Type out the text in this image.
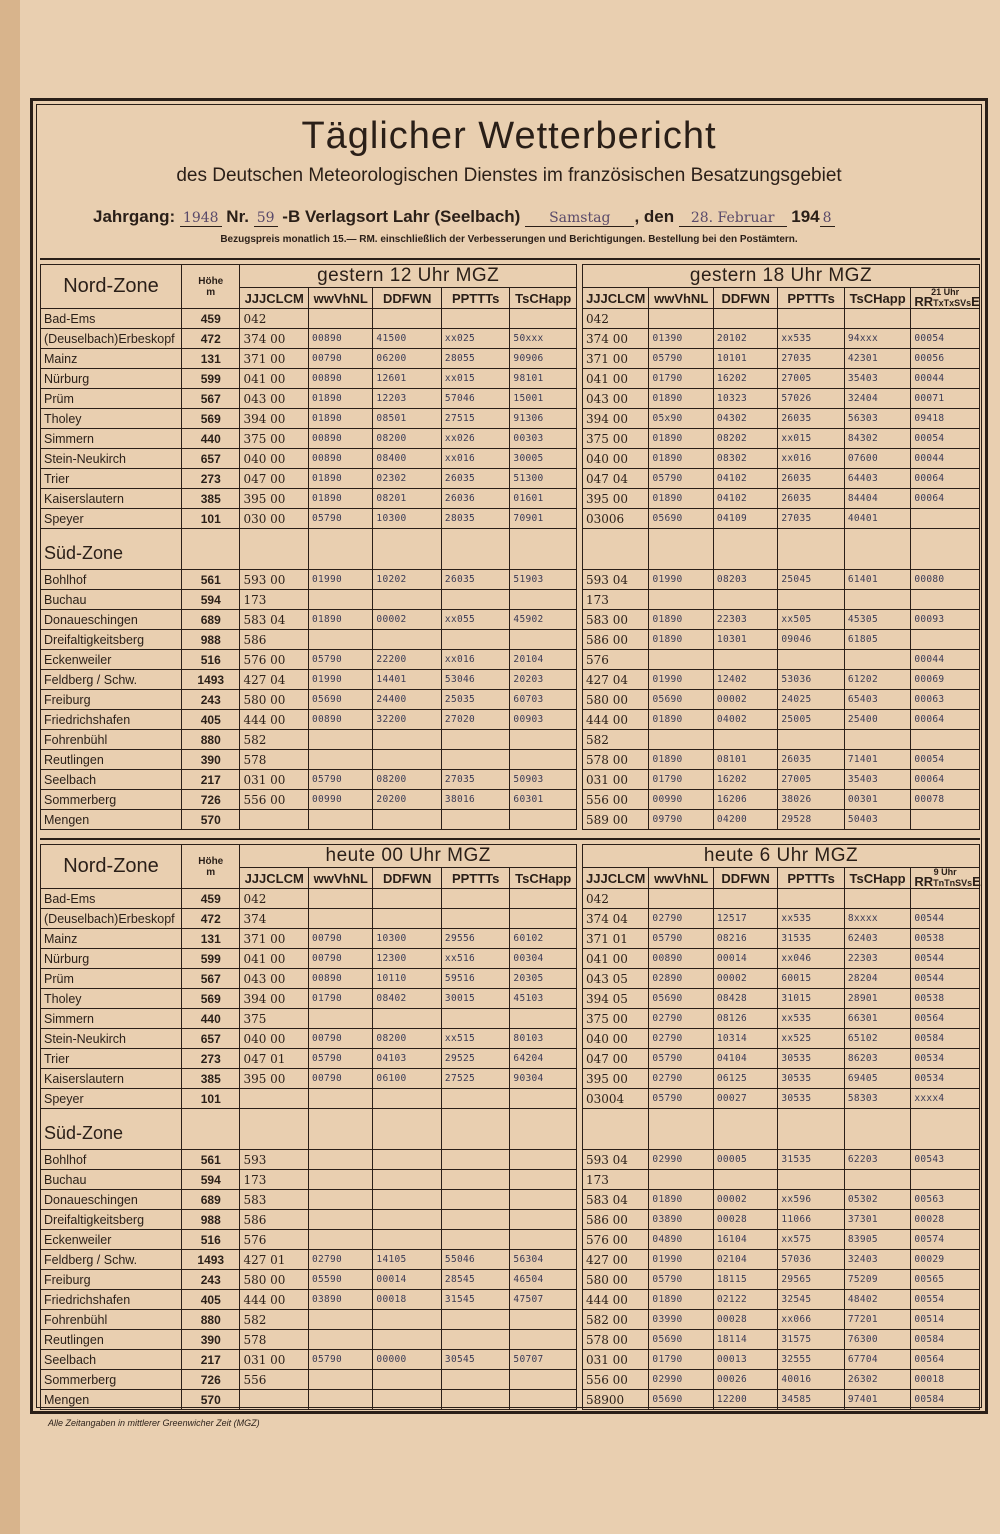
Täglicher Wetterbericht
des Deutschen Meteorologischen Dienstes im französischen Besatzungsgebiet
Jahrgang: 1948 Nr. 59 -B Verlagsort Lahr (Seelbach) Samstag , den 28. Februar 194 8
Bezugspreis monatlich 15.— RM. einschließlich der Verbesserungen und Berichtigungen. Bestellung bei den Postämtern.
Nord-Zone	Höhe
m	gestern 12 Uhr MGZ						gestern 18 Uhr MGZ					
		JJJCLCM	wwVhNL	DDFWN	PPTTTs	TsCHapp		JJJCLCM	wwVhNL	DDFWN	PPTTTs	TsCHapp	21 Uhr
RRTxTxSVsE

Bad-Ems	459	042						042					
(Deuselbach)Erbeskopf	472	374 00	00890	41500	xx025	50xxx		374 00	01390	20102	xx535	94xxx	00054
Mainz	131	371 00	00790	06200	28055	90906		371 00	05790	10101	27035	42301	00056
Nürburg	599	041 00	00890	12601	xx015	98101		041 00	01790	16202	27005	35403	00044
Prüm	567	043 00	01890	12203	57046	15001		043 00	01890	10323	57026	32404	00071
Tholey	569	394 00	01890	08501	27515	91306		394 00	05x90	04302	26035	56303	09418
Simmern	440	375 00	00890	08200	xx026	00303		375 00	01890	08202	xx015	84302	00054
Stein-Neukirch	657	040 00	00890	08400	xx016	30005		040 00	01890	08302	xx016	07600	00044
Trier	273	047 00	01890	02302	26035	51300		047 04	05790	04102	26035	64403	00064
Kaiserslautern	385	395 00	01890	08201	26036	01601		395 00	01890	04102	26035	84404	00064
Speyer	101	030 00	05790	10300	28035	70901		03006	05690	04109	27035	40401	
Süd-Zone													
Bohlhof	561	593 00	01990	10202	26035	51903		593 04	01990	08203	25045	61401	00080
Buchau	594	173						173					
Donaueschingen	689	583 04	01890	00002	xx055	45902		583 00	01890	22303	xx505	45305	00093
Dreifaltigkeitsberg	988	586						586 00	01890	10301	09046	61805	
Eckenweiler	516	576 00	05790	22200	xx016	20104		576					00044
Feldberg / Schw.	1493	427 04	01990	14401	53046	20203		427 04	01990	12402	53036	61202	00069
Freiburg	243	580 00	05690	24400	25035	60703		580 00	05690	00002	24025	65403	00063
Friedrichshafen	405	444 00	00890	32200	27020	00903		444 00	01890	04002	25005	25400	00064
Fohrenbühl	880	582						582					
Reutlingen	390	578						578 00	01890	08101	26035	71401	00054
Seelbach	217	031 00	05790	08200	27035	50903		031 00	01790	16202	27005	35403	00064
Sommerberg	726	556 00	00990	20200	38016	60301		556 00	00990	16206	38026	00301	00078
Mengen	570							589 00	09790	04200	29528	50403	
Nord-Zone	Höhe
m	heute 00 Uhr MGZ						heute 6 Uhr MGZ					
		JJJCLCM	wwVhNL	DDFWN	PPTTTs	TsCHapp		JJJCLCM	wwVhNL	DDFWN	PPTTTs	TsCHapp	9 Uhr
RRTnTnSVsE

Bad-Ems	459	042						042					
(Deuselbach)Erbeskopf	472	374						374 04	02790	12517	xx535	8xxxx	00544
Mainz	131	371 00	00790	10300	29556	60102		371 01	05790	08216	31535	62403	00538
Nürburg	599	041 00	00790	12300	xx516	00304		041 00	00890	00014	xx046	22303	00544
Prüm	567	043 00	00890	10110	59516	20305		043 05	02890	00002	60015	28204	00544
Tholey	569	394 00	01790	08402	30015	45103		394 05	05690	08428	31015	28901	00538
Simmern	440	375						375 00	02790	08126	xx535	66301	00564
Stein-Neukirch	657	040 00	00790	08200	xx515	80103		040 00	02790	10314	xx525	65102	00584
Trier	273	047 01	05790	04103	29525	64204		047 00	05790	04104	30535	86203	00534
Kaiserslautern	385	395 00	00790	06100	27525	90304		395 00	02790	06125	30535	69405	00534
Speyer	101							03004	05790	00027	30535	58303	xxxx4
Süd-Zone													
Bohlhof	561	593						593 04	02990	00005	31535	62203	00543
Buchau	594	173						173					
Donaueschingen	689	583						583 04	01890	00002	xx596	05302	00563
Dreifaltigkeitsberg	988	586						586 00	03890	00028	11066	37301	00028
Eckenweiler	516	576						576 00	04890	16104	xx575	83905	00574
Feldberg / Schw.	1493	427 01	02790	14105	55046	56304		427 00	01990	02104	57036	32403	00029
Freiburg	243	580 00	05590	00014	28545	46504		580 00	05790	18115	29565	75209	00565
Friedrichshafen	405	444 00	03890	00018	31545	47507		444 00	01890	02122	32545	48402	00554
Fohrenbühl	880	582						582 00	03990	00028	xx066	77201	00514
Reutlingen	390	578						578 00	05690	18114	31575	76300	00584
Seelbach	217	031 00	05790	00000	30545	50707		031 00	01790	00013	32555	67704	00564
Sommerberg	726	556						556 00	02990	00026	40016	26302	00018
Mengen	570							58900	05690	12200	34585	97401	00584
Alle Zeitangaben in mittlerer Greenwicher Zeit (MGZ)
